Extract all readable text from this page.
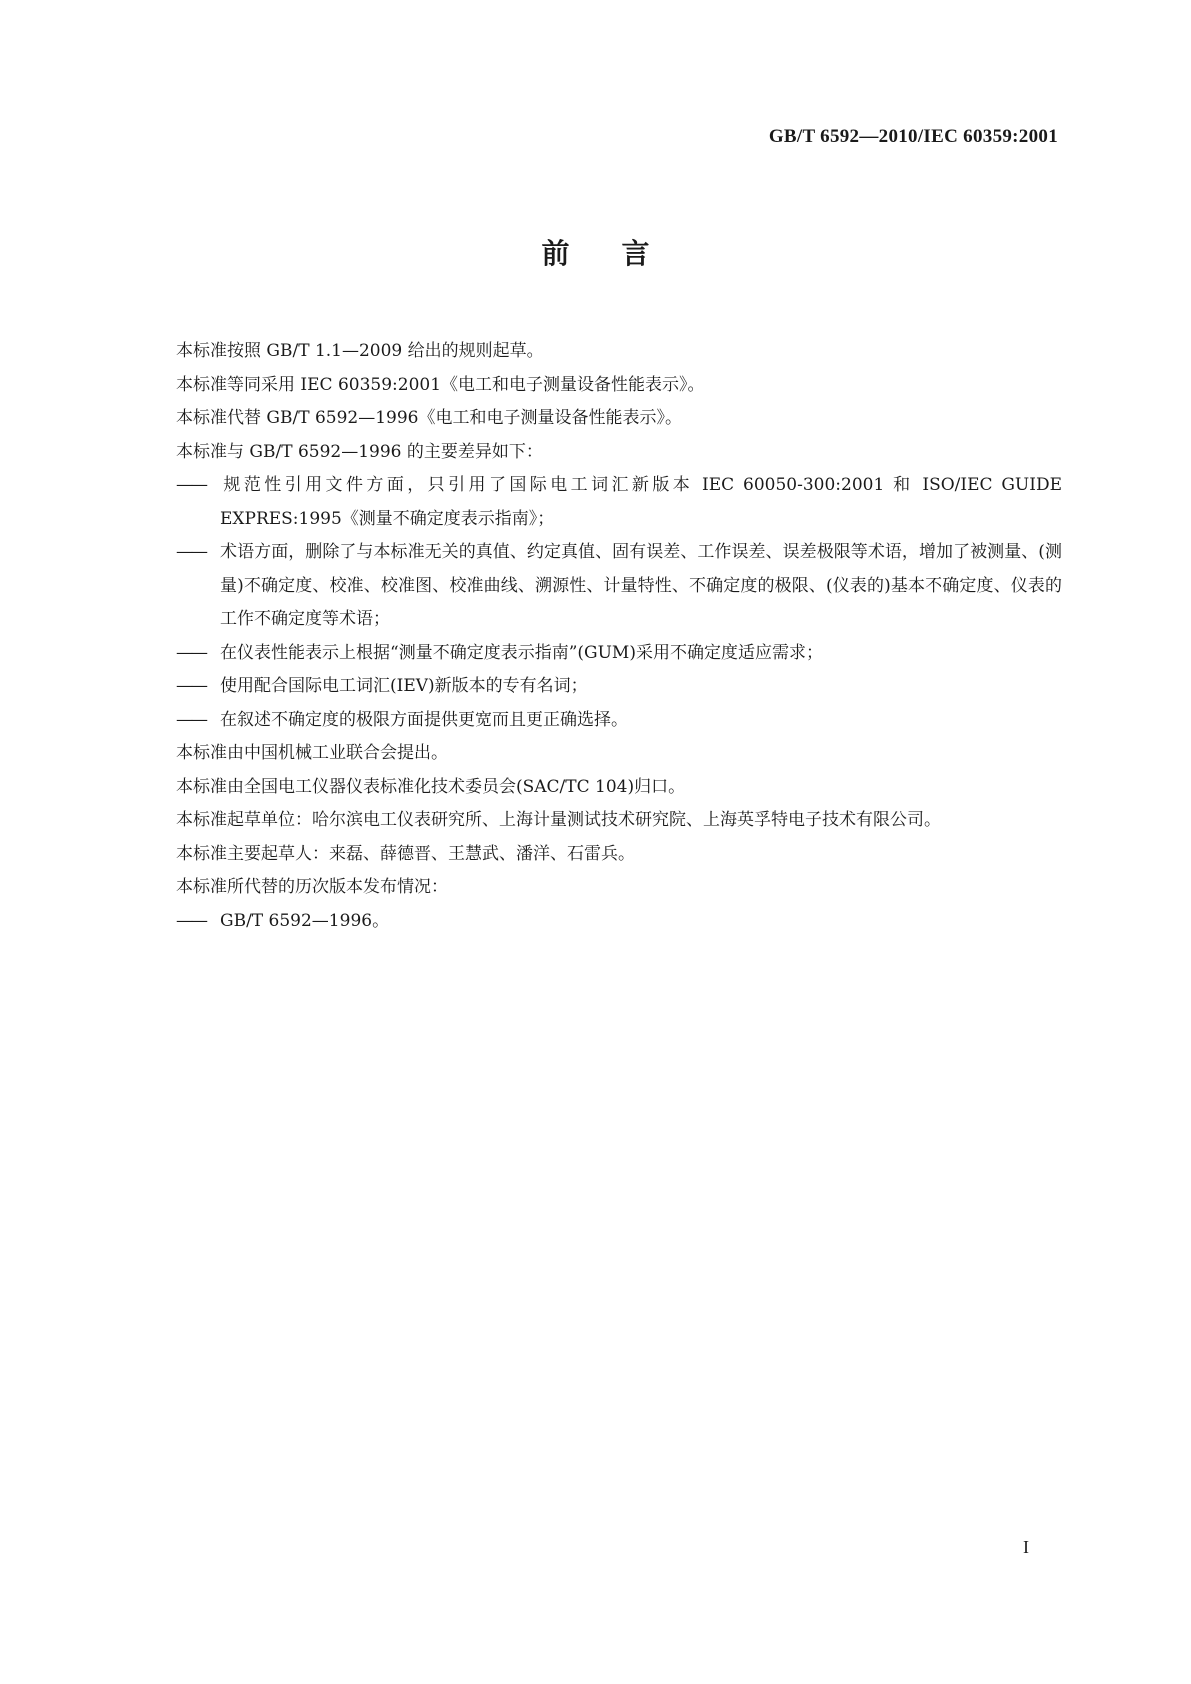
GB/T 6592—2010/IEC 60359:2001
前言

本标准按照 GB/T 1.1—2009 给出的规则起草。

本标准等同采用 IEC 60359:2001《电工和电子测量设备性能表示》。

本标准代替 GB/T 6592—1996《电工和电子测量设备性能表示》。

本标准与 GB/T 6592—1996 的主要差异如下：

—— 规范性引用文件方面，只引用了国际电工词汇新版本 IEC 60050-300:2001 和 ISO/IEC GUIDE EXPRES:1995《测量不确定度表示指南》；

—— 术语方面，删除了与本标准无关的真值、约定真值、固有误差、工作误差、误差极限等术语，增加了被测量、(测量)不确定度、校准、校准图、校准曲线、溯源性、计量特性、不确定度的极限、(仪表的)基本不确定度、仪表的工作不确定度等术语；

—— 在仪表性能表示上根据“测量不确定度表示指南”(GUM)采用不确定度适应需求；

—— 使用配合国际电工词汇(IEV)新版本的专有名词；

—— 在叙述不确定度的极限方面提供更宽而且更正确选择。

本标准由中国机械工业联合会提出。

本标准由全国电工仪器仪表标准化技术委员会(SAC/TC 104)归口。

本标准起草单位：哈尔滨电工仪表研究所、上海计量测试技术研究院、上海英孚特电子技术有限公司。

本标准主要起草人：来磊、薛德晋、王慧武、潘洋、石雷兵。

本标准所代替的历次版本发布情况：

—— GB/T 6592—1996。

I
